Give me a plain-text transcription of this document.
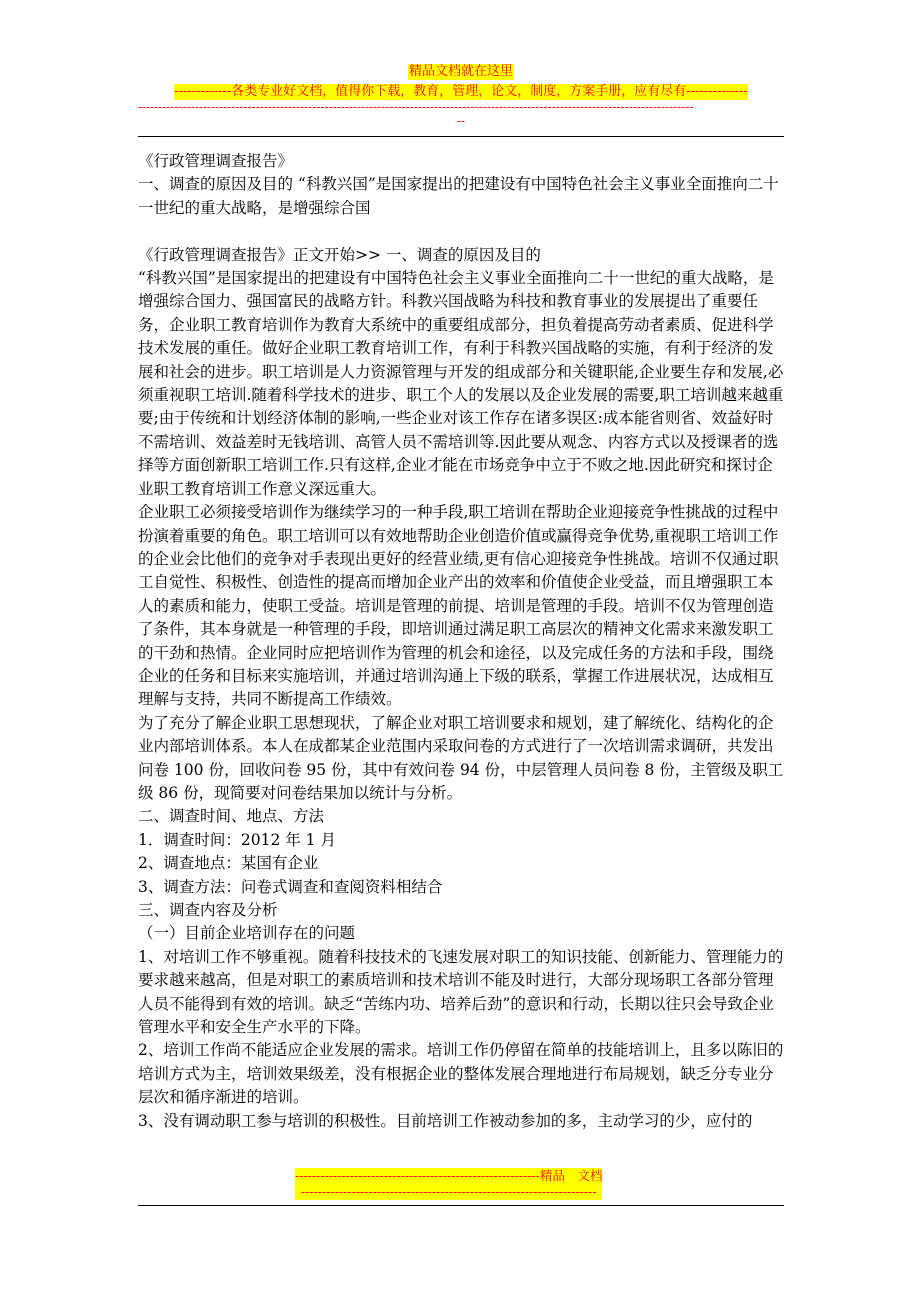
精品文档就在这里
-------------各类专业好文档，值得你下载，教育，管理，论文，制度，方案手册，应有尽有--------------
-----------------------------------------------------------------------------------------------------------------------------------------
--

《行政管理调查报告》

一、调查的原因及目的 “科教兴国”是国家提出的把建设有中国特色社会主义事业全面推向二十一世纪的重大战略，是增强综合国

《行政管理调查报告》正文开始>> 一、调查的原因及目的

“科教兴国”是国家提出的把建设有中国特色社会主义事业全面推向二十一世纪的重大战略，是增强综合国力、强国富民的战略方针。科教兴国战略为科技和教育事业的发展提出了重要任务，企业职工教育培训作为教育大系统中的重要组成部分，担负着提高劳动者素质、促进科学技术发展的重任。做好企业职工教育培训工作，有利于科教兴国战略的实施，有利于经济的发展和社会的进步。职工培训是人力资源管理与开发的组成部分和关键职能,企业要生存和发展,必须重视职工培训.随着科学技术的进步、职工个人的发展以及企业发展的需要,职工培训越来越重要;由于传统和计划经济体制的影响,一些企业对该工作存在诸多误区:成本能省则省、效益好时不需培训、效益差时无钱培训、高管人员不需培训等.因此要从观念、内容方式以及授课者的选择等方面创新职工培训工作.只有这样,企业才能在市场竞争中立于不败之地.因此研究和探讨企业职工教育培训工作意义深远重大。

企业职工必须接受培训作为继续学习的一种手段,职工培训在帮助企业迎接竞争性挑战的过程中扮演着重要的角色。职工培训可以有效地帮助企业创造价值或赢得竞争优势,重视职工培训工作的企业会比他们的竞争对手表现出更好的经营业绩,更有信心迎接竞争性挑战。培训不仅通过职工自觉性、积极性、创造性的提高而增加企业产出的效率和价值使企业受益，而且增强职工本人的素质和能力，使职工受益。培训是管理的前提、培训是管理的手段。培训不仅为管理创造了条件，其本身就是一种管理的手段，即培训通过满足职工高层次的精神文化需求来激发职工的干劲和热情。企业同时应把培训作为管理的机会和途径，以及完成任务的方法和手段，围绕企业的任务和目标来实施培训，并通过培训沟通上下级的联系，掌握工作进展状况，达成相互理解与支持，共同不断提高工作绩效。

为了充分了解企业职工思想现状，了解企业对职工培训要求和规划，建了解统化、结构化的企业内部培训体系。本人在成都某企业范围内采取问卷的方式进行了一次培训需求调研，共发出问卷 100 份，回收问卷 95 份，其中有效问卷 94 份，中层管理人员问卷 8 份，主管级及职工级 86 份，现简要对问卷结果加以统计与分析。

二、调查时间、地点、方法

1．调查时间：2012 年 1 月

2、调查地点：某国有企业

3、调查方法：问卷式调查和查阅资料相结合

三、调查内容及分析

（一）目前企业培训存在的问题

1、对培训工作不够重视。随着科技技术的飞速发展对职工的知识技能、创新能力、管理能力的要求越来越高，但是对职工的素质培训和技术培训不能及时进行，大部分现场职工各部分管理人员不能得到有效的培训。缺乏“苦练内功、培养后劲”的意识和行动，长期以往只会导致企业管理水平和安全生产水平的下降。

2、培训工作尚不能适应企业发展的需求。培训工作仍停留在简单的技能培训上，且多以陈旧的培训方式为主，培训效果级差，没有根据企业的整体发展合理地进行布局规划，缺乏分专业分层次和循序渐进的培训。

3、没有调动职工参与培训的积极性。目前培训工作被动参加的多，主动学习的少，应付的

----------------------------------------------------------精品　文档
----------------------------------------------------------------------
